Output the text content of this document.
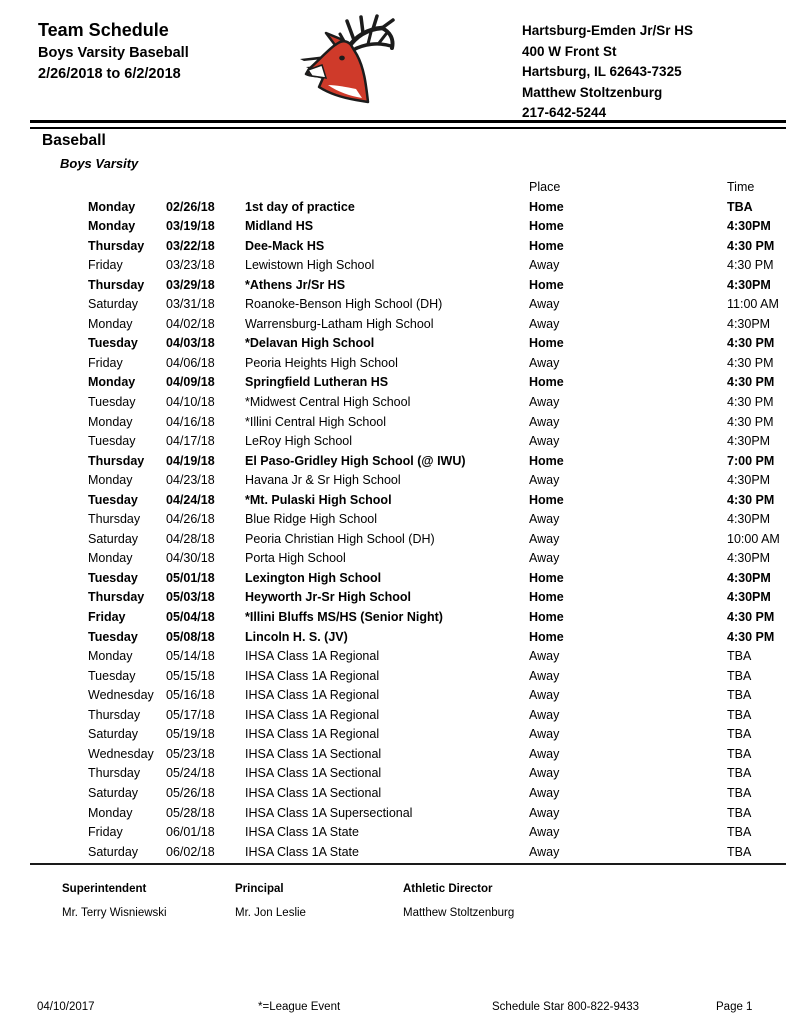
Team Schedule
Boys Varsity Baseball
2/26/2018 to 6/2/2018
Hartsburg-Emden Jr/Sr HS
400 W Front St
Hartsburg, IL 62643-7325
Matthew Stoltzenburg
217-642-5244
Baseball
Boys Varsity
Place	Time
Monday	02/26/18	1st day of practice	Home	TBA
Monday	03/19/18	Midland HS	Home	4:30PM
Thursday	03/22/18	Dee-Mack HS	Home	4:30 PM
Friday	03/23/18	Lewistown High School	Away	4:30 PM
Thursday	03/29/18	*Athens Jr/Sr HS	Home	4:30PM
Saturday	03/31/18	Roanoke-Benson High School (DH)	Away	11:00 AM
Monday	04/02/18	Warrensburg-Latham High School	Away	4:30PM
Tuesday	04/03/18	*Delavan High School	Home	4:30 PM
Friday	04/06/18	Peoria Heights High School	Away	4:30 PM
Monday	04/09/18	Springfield Lutheran HS	Home	4:30 PM
Tuesday	04/10/18	*Midwest Central High School	Away	4:30 PM
Monday	04/16/18	*Illini Central High School	Away	4:30 PM
Tuesday	04/17/18	LeRoy High School	Away	4:30PM
Thursday	04/19/18	El Paso-Gridley High School (@ IWU)	Home	7:00 PM
Monday	04/23/18	Havana Jr & Sr High School	Away	4:30PM
Tuesday	04/24/18	*Mt. Pulaski High School	Home	4:30 PM
Thursday	04/26/18	Blue Ridge High School	Away	4:30PM
Saturday	04/28/18	Peoria Christian High School (DH)	Away	10:00 AM
Monday	04/30/18	Porta High School	Away	4:30PM
Tuesday	05/01/18	Lexington High School	Home	4:30PM
Thursday	05/03/18	Heyworth Jr-Sr High School	Home	4:30PM
Friday	05/04/18	*Illini Bluffs MS/HS (Senior Night)	Home	4:30 PM
Tuesday	05/08/18	Lincoln H. S. (JV)	Home	4:30 PM
Monday	05/14/18	IHSA Class 1A Regional	Away	TBA
Tuesday	05/15/18	IHSA Class 1A Regional	Away	TBA
Wednesday 05/16/18	IHSA Class 1A Regional	Away	TBA
Thursday	05/17/18	IHSA Class 1A Regional	Away	TBA
Saturday	05/19/18	IHSA Class 1A Regional	Away	TBA
Wednesday 05/23/18	IHSA Class 1A Sectional	Away	TBA
Thursday	05/24/18	IHSA Class 1A Sectional	Away	TBA
Saturday	05/26/18	IHSA Class 1A Sectional	Away	TBA
Monday	05/28/18	IHSA Class 1A Supersectional	Away	TBA
Friday	06/01/18	IHSA Class 1A State	Away	TBA
Saturday	06/02/18	IHSA Class 1A State	Away	TBA
Superintendent
Mr. Terry Wisniewski
Principal
Mr. Jon Leslie
Athletic Director
Matthew Stoltzenburg
04/10/2017	*=League Event	Schedule Star 800-822-9433	Page 1
